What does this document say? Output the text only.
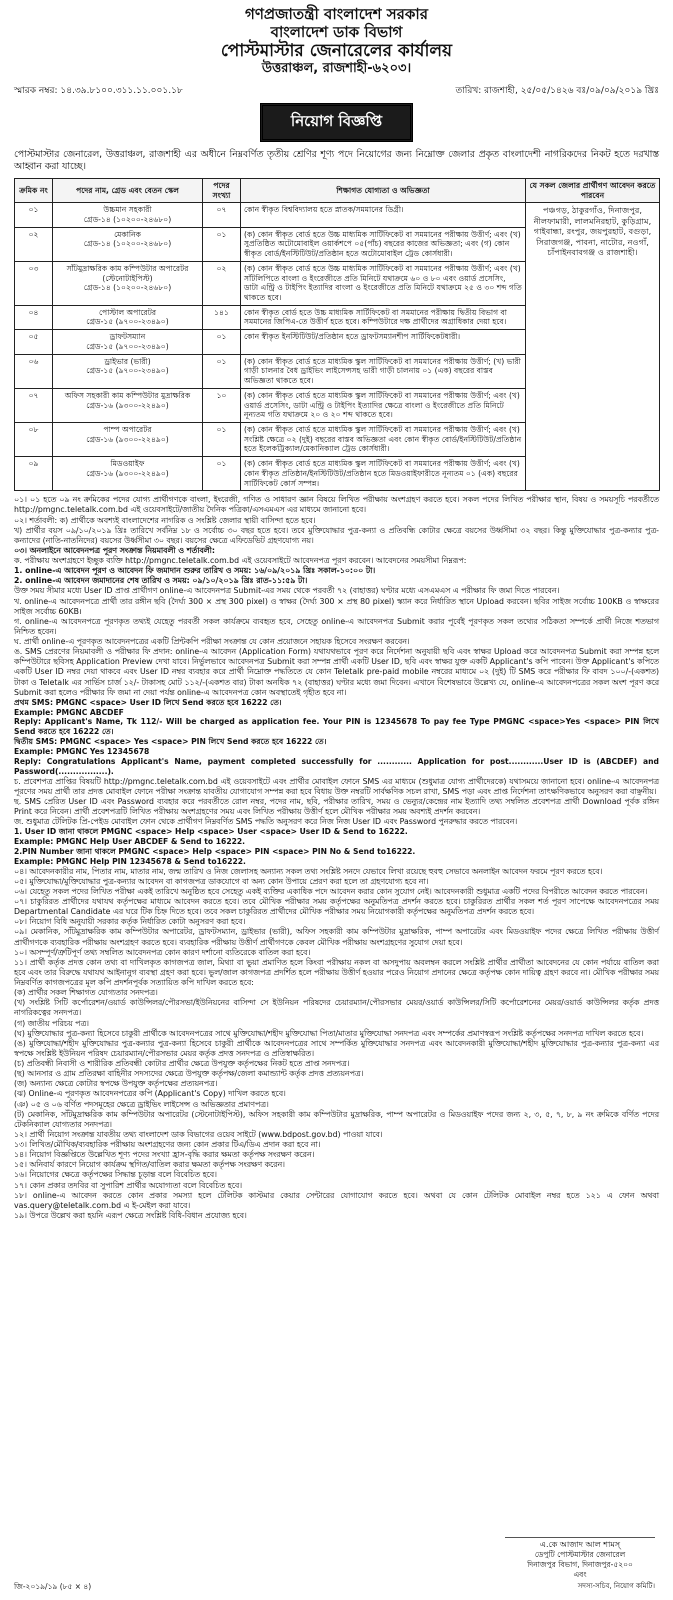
গণপ্রজাতন্ত্রী বাংলাদেশ সরকার
বাংলাদেশ ডাক বিভাগ
পোস্টমাস্টার জেনারেলের কার্যালয়
উত্তরাঞ্চল, রাজশাহী-৬২০৩।
স্মারক নম্বর: ১৪.৩৯.৮১০০.৩১১.১১.০০১.১৮	তারিখ: রাজশাহী, ২৫/০৫/১৪২৬ বঃ/০৯/০৯/২০১৯ খ্রিঃ
নিয়োগ বিজ্ঞপ্তি

পোস্টমাস্টার জেনারেল, উত্তরাঞ্চল, রাজশাহী এর অধীনে নিম্নবর্ণিত তৃতীয় শ্রেণির শূণ্য পদে নিয়োগের জন্য নিম্নোক্ত জেলার প্রকৃত বাংলাদেশী নাগরিকদের নিকট হতে দরখাস্ত আহ্বান করা যাচ্ছে।

ক্রমিক নং	পদের নাম, গ্রেড এবং বেতন স্কেল	পদের সংখ্যা	শিক্ষাগত যোগ্যতা ও অভিজ্ঞতা	যে সকল জেলার প্রার্থীগণ আবেদন করতে পারবেন
০১	উচ্চমান সহকারী
গ্রেড-১৪ (১০২০০-২৪৬৮০)	০৭	কোন স্বীকৃত বিশ্ববিদ্যালয় হতে স্নাতক/সমমানের ডিগ্রী।	পঞ্চগড়, ঠাকুরগাঁও, দিনাজপুর, নীলফামারী, লালমনিরহাট, কুড়িগ্রাম, গাইবান্ধা, রংপুর, জয়পুরহাট, বগুড়া, সিরাজগঞ্জ, পাবনা, নাটোর, নওগাঁ, চাঁপাইনবাবগঞ্জ ও রাজশাহী।
০২	মেকানিক
গ্রেড-১৪ (১০২০০-২৪৬৮০)	০১	(ক) কোন স্বীকৃত বোর্ড হতে উচ্চ মাধ্যমিক সার্টিফিকেট বা সমমানের পরীক্ষায় উত্তীর্ণ; এবং (খ) সুপ্রতিষ্ঠিত অটোমোবাইল ওয়ার্কশপে ০৫(পাঁচ) বছরের কাজের অভিজ্ঞতা; এবং (গ) কোন স্বীকৃত বোর্ড/ইনস্টিটিউট/প্রতিষ্ঠান হতে অটোমোবাইল ট্রেড কোর্সধারী।	
০৩	সাঁটমুদ্রাক্ষরিক কাম কম্পিউটার অপারেটর (স্টেনোটাইপিস্ট)
গ্রেড-১৪ (১০২০০-২৪৬৮০)	০২	(ক) কোন স্বীকৃত বোর্ড হতে উচ্চ মাধ্যমিক সার্টিফিকেট বা সমমানের পরীক্ষায় উত্তীর্ণ; এবং (খ) সাঁটলিপিতে বাংলা ও ইংরেজীতে প্রতি মিনিটে যথাক্রমে ৬০ ও ৮০ এবং ওয়ার্ড প্রসেসিং, ডাটা এন্ট্রি ও টাইপিং ইত্যাদির বাংলা ও ইংরেজীতে প্রতি মিনিটে যথাক্রমে ২৫ ও ৩০ শব্দ গতি থাকতে হবে।	
০৪	পোস্টাল অপারেটর
গ্রেড-১৫ (৯৭০০-২৩৪৯০)	১৪১	কোন স্বীকৃত বোর্ড হতে উচ্চ মাধ্যমিক সার্টিফিকেট বা সমমানের পরীক্ষায় দ্বিতীয় বিভাগ বা সমমানের জিপিএ-তে উত্তীর্ণ হতে হবে। কম্পিউটারে দক্ষ প্রার্থীদের অগ্রাধিকার দেয়া হবে।	
০৫	ড্রাফটসম্যান
গ্রেড-১৫ (৯৭০০-২৩৪৯০)	০১	কোন স্বীকৃত ইনস্টিটিউট/প্রতিষ্ঠান হতে ড্রাফটসম্যানশীপ সার্টিফিকেটধারী।	
০৬	ড্রাইভার (ভারী)
গ্রেড-১৫ (৯৭০০-২৩৪৯০)	০১	(ক) কোন স্বীকৃত বোর্ড হতে মাধ্যমিক স্কুল সার্টিফিকেট বা সমমানের পরীক্ষায় উত্তীর্ণ; (খ) ভারী গাড়ী চালনার বৈধ ড্রাইভিং লাইসেন্সসহ ভারী গাড়ী চালনায় ০১ (এক) বছরের বাস্তব অভিজ্ঞতা থাকতে হবে।	
০৭	অফিস সহকারী কাম কম্পিউটার মুদ্রাক্ষরিক
গ্রেড-১৬ (৯৩০০-২২৪৯০)	১০	(ক) কোন স্বীকৃত বোর্ড হতে মাধ্যমিক স্কুল সার্টিফিকেট বা সমমানের পরীক্ষায় উত্তীর্ণ; এবং (খ) ওয়ার্ড প্রসেসিং, ডাটা এন্ট্রি ও টাইপিং ইত্যাদির ক্ষেত্রে বাংলা ও ইংরেজীতে প্রতি মিনিটে নূন্যতম গতি যথাক্রমে ২০ ও ২০ শব্দ থাকতে হবে।	
০৮	পাম্প অপারেটর
গ্রেড-১৬ (৯৩০০-২২৪৯০)	০১	(ক) কোন স্বীকৃত বোর্ড হতে মাধ্যমিক স্কুল সার্টিফিকেট বা সমমানের পরীক্ষায় উত্তীর্ণ; এবং (খ) সংশ্লিষ্ট ক্ষেত্রে ০২ (দুই) বছরের বাস্তব অভিজ্ঞতা এবং কোন স্বীকৃত বোর্ড/ইনস্টিটিউট/প্রতিষ্ঠান হতে ইলেকট্রিক্যাল/মেকানিক্যাল ট্রেড কোর্সধারী।	
০৯	মিডওয়াইফ
গ্রেড-১৬ (৯৩০০-২২৪৯০)	০১	(ক) কোন স্বীকৃত বোর্ড হতে মাধ্যমিক স্কুল সার্টিফিকেট বা সমমানের পরীক্ষায় উত্তীর্ণ; এবং (খ) কোন স্বীকৃত প্রতিষ্ঠান/ইনস্টিটিউট/প্রতিষ্ঠান হতে মিডওয়াইফারীতে নূন্যতম ০১ (এক) বছরের সার্টিফিকেট কোর্স সম্পন্ন।	

০১। ০১ হতে ০৯ নং ক্রমিকের পদের যোগ্য প্রার্থীগণকে বাংলা, ইংরেজী, গণিত ও সাধারণ জ্ঞান বিষয়ে লিখিত পরীক্ষায় অংশগ্রহণ করতে হবে। সকল পদের লিখিত পরীক্ষার স্থান, বিষয় ও সময়সূচি পরবর্তীতে http://pmgnc.teletalk.com.bd এই ওয়েবসাইটে/জাতীয় দৈনিক পত্রিকা/এসএমএস এর মাধ্যমে জানানো হবে।

০২। শর্তাবলী: ক) প্রার্থীকে অবশ্যই বাংলাদেশের নাগরিক ও সংশ্লিষ্ট জেলার স্থায়ী বাসিন্দা হতে হবে।

খ) প্রার্থীর বয়স ০৯/১০/২০১৯ খ্রিঃ তারিখে সর্বনিম্ন ১৮ ও সর্বোচ্চ ৩০ বছর হতে হবে। তবে মুক্তিযোদ্ধার পুত্র-কন্যা ও প্রতিবন্ধি কোটার ক্ষেত্রে বয়সের উর্ধ্বসীমা ৩২ বছর। কিন্তু মুক্তিযোদ্ধার পুত্র-কন্যার পুত্র-কন্যাদের (নাতি-নাতনিদের) বয়সের উর্ধ্বসীমা ৩০ বছর। বয়সের ক্ষেত্রে এফিডেভিট গ্রহণযোগ্য নয়।

০৩। অনলাইনে আবেদনপত্র পূরণ সংক্রান্ত নিয়মাবলী ও শর্তাবলী:

ক. পরীক্ষায় অংশগ্রহণে ইচ্ছুক ব্যক্তি http://pmgnc.teletalk.com.bd এই ওয়েবসাইটে আবেদনপত্র পূরণ করবেন। আবেদনের সময়সীমা নিম্নরূপ:

1. online-এ আবেদন পূরণ ও আবেদন ফি জমাদান শুরুর তারিখ ও সময়: ১৬/০৯/২০১৯ খ্রিঃ সকাল-১০:০০ টা।

2. online-এ আবেদন জমাদানের শেষ তারিখ ও সময়: ০৯/১০/২০১৯ খ্রিঃ রাত-১১:৫৯ টা।

উক্ত সময় সীমার মধ্যে User ID প্রাপ্ত প্রার্থীগণ online-এ আবেদনপত্র Submit-এর সময় থেকে পরবর্তী ৭২ (বাহাত্তর) ঘণ্টার মধ্যে এসএমএস এ পরীক্ষার ফি জমা দিতে পারবেন।

খ. online-এ আবেদনপত্রে প্রার্থী তার রঙ্গীন ছবি (দৈর্ঘ্য 300 × প্রস্থ 300 pixel) ও স্বাক্ষর (দৈর্ঘ্য 300 × প্রস্থ 80 pixel) স্ক্যান করে নির্ধারিত স্থানে Upload করবেন। ছবির সাইজ সর্বোচ্চ 100KB ও স্বাক্ষরের সাইজ সর্বোচ্চ 60KB।

গ. online-এ আবেদনপত্রে পূরণকৃত তথ্যই যেহেতু পরবর্তী সকল কার্যক্রমে ব্যবহৃত হবে, সেহেতু online-এ আবেদনপত্র Submit করার পূর্বেই পূরণকৃত সকল তথ্যের সঠিকতা সম্পর্কে প্রার্থী নিজে শতভাগ নিশ্চিত হবেন।

ঘ. প্রার্থী online-এ পূরণকৃত আবেদনপত্রের একটি প্রিন্টকপি পরীক্ষা সংক্রান্ত যে কোন প্রয়োজনে সহায়ক হিসেবে সংরক্ষণ করবেন।

ঙ. SMS প্রেরণের নিয়মাবলী ও পরীক্ষার ফি প্রদান: online-এ আবেদন (Application Form) যথাযথভাবে পূরণ করে নির্দেশনা অনুযায়ী ছবি এবং স্বাক্ষর Upload করে আবেদনপত্র Submit করা সম্পন্ন হলে কম্পিউটারে ছবিসহ Application Preview দেখা যাবে। নির্ভুলভাবে আবেদনপত্র Submit করা সম্পন্ন প্রার্থী একটি User ID, ছবি এবং স্বাক্ষর যুক্ত একটি Applicant's কপি পাবেন। উক্ত Applicant's কপিতে একটি User ID নম্বর দেয়া থাকবে এবং User ID নম্বর ব্যবহার করে প্রার্থী নিম্নোক্ত পদ্ধতিতে যে কোন Teletalk pre-paid mobile নম্বরের মাধ্যমে ০২ (দুই) টি SMS করে পরীক্ষার ফি বাবদ ১০০/-(একশত) টাকা ও Teletalk এর সার্ভিস চার্জ ১২/- টাকাসহ মোট ১১২/-(একশত বার) টাকা অনধিক ৭২ (বাহাত্তর) ঘণ্টার মধ্যে জমা দিবেন। এখানে বিশেষভাবে উল্লেখ্য যে, online-এ আবেদনপত্রের সকল অংশ পূরণ করে Submit করা হলেও পরীক্ষার ফি জমা না দেয়া পর্যন্ত online-এ আবেদনপত্র কোন অবস্থাতেই গৃহীত হবে না।

প্রথম SMS: PMGNC <space> User ID লিখে Send করতে হবে 16222 তে।

Example: PMGNC ABCDEF

Reply: Applicant's Name, Tk 112/- Will be charged as application fee. Your PIN is 12345678 To pay fee Type PMGNC <space>Yes <space> PIN লিখে Send করতে হবে 16222 তে।

দ্বিতীয় SMS: PMGNC <space> Yes <space> PIN লিখে Send করতে হবে 16222 তে।

Example: PMGNC Yes 12345678

Reply: Congratulations Applicant's Name, payment completed successfully for ............ Application for post............User ID is (ABCDEF) and Password(.................).

চ. প্রবেশপত্র প্রাপ্তির বিষয়টি http://pmgnc.teletalk.com.bd এই ওয়েবসাইটে এবং প্রার্থীর মোবাইল ফোনে SMS এর মাধ্যমে (শুধুমাত্র যোগ্য প্রার্থীদেরকে) যথাসময়ে জানানো হবে। online-এ আবেদনপত্র পূরণের সময় প্রার্থী তার প্রদত্ত মোবাইল ফোনে পরীক্ষা সংক্রান্ত যাবতীয় যোগাযোগ সম্পন্ন করা হবে বিধায় উক্ত নম্বরটি সার্বক্ষণিক সচল রাখা, SMS পড়া এবং প্রাপ্ত নির্দেশনা তাৎক্ষণিকভাবে অনুসরণ করা বাঞ্ছনীয়।

ছ. SMS প্রেরিত User ID এবং Password ব্যবহার করে পরবর্তীতে রোল নম্বর, পদের নাম, ছবি, পরীক্ষার তারিখ, সময় ও ভেন্যুর/কেন্দ্রের নাম ইত্যাদি তথ্য সম্বলিত প্রবেশপত্র প্রার্থী Download পূর্বক রঙ্গিন Print করে নিবেন। প্রার্থী প্রবেশপত্রটি লিখিত পরীক্ষায় অংশগ্রহণের সময় এবং লিখিত পরীক্ষায় উত্তীর্ণ হলে মৌখিক পরীক্ষার সময় অবশ্যই প্রদর্শন করবেন।

জ. শুধুমাত্র টেলিটক প্রি-পেইড মোবাইল ফোন থেকে প্রার্থীগণ নিম্নবর্ণিত SMS পদ্ধতি অনুসরণ করে নিজ নিজ User ID এবং Password পুনরুদ্ধার করতে পারবেন।

1. User ID জানা থাকলে PMGNC <space> Help <space> User <space> User ID & Send to 16222.

Example: PMGNC Help User ABCDEF & Send to 16222.

2.PIN Number জানা থাকলে PMGNC <space> Help <space> PIN <space> PIN No & Send to16222.

Example: PMGNC Help PIN 12345678 & Send to16222.

০৪। আবেদনকারীর নাম, পিতার নাম, মাতার নাম, জন্ম তারিখ ও নিজ জেলাসহ অন্যান্য সকল তথ্য সংশ্লিষ্ট সনদে যেভাবে লিখা রয়েছে হুবহু সেভাবে অনলাইন আবেদন ফরমে পূরণ করতে হবে।

০৫। মুক্তিযোদ্ধা/মুক্তিযোদ্ধার পুত্র-কন্যার আবেদন বা কাগজপত্র ডাকযোগে বা অন্য কোন উপায়ে প্রেরণ করা হলে তা গ্রহণযোগ্য হবে না।

০৬। যেহেতু সকল পদের লিখিত পরীক্ষা একই তারিখে অনুষ্ঠিত হবে সেহেতু একই ব্যক্তির একাধিক পদে আবেদন করার কোন সুযোগ নেই। আবেদনকারী শুধুমাত্র একটি পদের বিপরীতে আবেদন করতে পারবেন।

০৭। চাকুরিরত প্রার্থীদের যথাযথ কর্তৃপক্ষের মাধ্যমে আবেদন করতে হবে। তবে মৌখিক পরীক্ষার সময় কর্তৃপক্ষের অনুমতিপত্র প্রদর্শন করতে হবে। চাকুরিরত প্রার্থীর সকল শর্ত পূরণ সাপেক্ষে আবেদনপত্রের সময় Departmental Candidate এর ঘরে টিক চিহ্ন দিতে হবে। তবে সকল চাকুরিরত প্রার্থীদের মৌখিক পরীক্ষার সময় নিয়োগকারী কর্তৃপক্ষের অনুমতিপত্র প্রদর্শন করতে হবে।

০৮। নিয়োগ বিধি অনুযায়ী সরকার কর্তৃক নির্ধারিত কোটা অনুসরণ করা হবে।

০৯। মেকানিক, সাঁটমুদ্রাক্ষরিক কাম কম্পিউটার অপারেটর, ড্রাফটসম্যান, ড্রাইভার (ভারী), অফিস সহকারী কাম কম্পিউটার মুদ্রাক্ষরিক, পাম্প অপারেটর এবং মিডওয়াইফ পদের ক্ষেত্রে লিখিত পরীক্ষায় উত্তীর্ণ প্রার্থীগণকে ব্যবহারিক পরীক্ষায় অংশগ্রহণ করতে হবে। ব্যবহারিক পরীক্ষায় উত্তীর্ণ প্রার্থীগণকে কেবল মৌখিক পরীক্ষায় অংশগ্রহণের সুযোগ দেয়া হবে।

১০। অসম্পূর্ণ/ত্রুটিপূর্ণ তথ্য সম্বলিত আবেদনপত্র কোন কারণ দর্শানো ব্যতিরেকে বাতিল করা হবে।

১১। প্রার্থী কর্তৃক প্রদত্ত কোন তথ্য বা দাখিলকৃত কাগজপত্র জাল, মিথ্যা বা ভুয়া প্রমাণিত হলে কিংবা পরীক্ষায় নকল বা অসদুপায় অবলম্বন করলে সংশ্লিষ্ট প্রার্থীর প্রার্থীতা আবেদনের যে কোন পর্যায়ে বাতিল করা হবে এবং তার বিরুদ্ধে যথাযথ আইনানুগ ব্যবস্থা গ্রহণ করা হবে। ভুল/জাল কাগজপত্র প্রদর্শিত হলে পরীক্ষায় উত্তীর্ণ হওয়ার পরেও নিয়োগ প্রদানের ক্ষেত্রে কর্তৃপক্ষ কোন দায়িত্ব গ্রহণ করবে না। মৌখিক পরীক্ষার সময় নিম্নবর্ণিত কাগজপত্রের মূল কপি প্রদর্শনপূর্বক সত্যায়িত কপি দাখিল করতে হবে:

(ক) প্রার্থীর সকল শিক্ষাগত যোগ্যতার সনদপত্র।

(খ) সংশ্লিষ্ট সিটি কর্পোরেশন/ওয়ার্ড কাউন্সিলর/পৌরসভা/ইউনিয়নের বাসিন্দা সে ইউনিয়ন পরিষদের চেয়ারম্যান/পৌরসভার মেয়র/ওয়ার্ড কাউন্সিলর/সিটি কর্পোরেশনের মেয়র/ওয়ার্ড কাউন্সিলর কর্তৃক প্রদত্ত নাগরিকত্বের সনদপত্র।

(গ) জাতীয় পরিচয় পত্র।

(ঘ) মুক্তিযোদ্ধার পুত্র-কন্যা হিসেবে চাকুরী প্রার্থীকে আবেদনপত্রের সাথে মুক্তিযোদ্ধা/শহীদ মুক্তিযোদ্ধা পিতা/মাতার মুক্তিযোদ্ধা সনদপত্র এবং সম্পর্কের প্রমাণস্বরূপ সংশ্লিষ্ট কর্তৃপক্ষের সনদপত্র দাখিল করতে হবে।

(ঙ) মুক্তিযোদ্ধা/শহীদ মুক্তিযোদ্ধার পুত্র-কন্যার পুত্র-কন্যা হিসেবে চাকুরী প্রার্থীকে আবেদনপত্রের সাথে সম্পর্কিত মুক্তিযোদ্ধার সনদপত্র এবং আবেদনকারী মুক্তিযোদ্ধা/শহীদ মুক্তিযোদ্ধার পুত্র-কন্যার পুত্র-কন্যা এর স্বপক্ষে সংশ্লিষ্ট ইউনিয়ন পরিষদ চেয়ারম্যান/পৌরসভার মেয়র কর্তৃক প্রদত্ত সনদপত্র ও প্রতিস্বাক্ষরিত।

(চ) প্রতিবন্ধী নিবাসী ও শারীরিক প্রতিবন্ধী কোটার প্রার্থীর ক্ষেত্রে উপযুক্ত কর্তৃপক্ষের নিকট হতে প্রাপ্ত সনদপত্র।

(ছ) আনসার ও গ্রাম প্রতিরক্ষা বাহিনীর সদস্যদের ক্ষেত্রে উপযুক্ত কর্তৃপক্ষ/জেলা কমান্ড্যান্ট কর্তৃক প্রদত্ত প্রত্যয়নপত্র।

(জ) অন্যান্য ক্ষেত্রে কোটার স্বপক্ষে উপযুক্ত কর্তৃপক্ষের প্রত্যয়নপত্র।

(ঝ) Online-এ পূরণকৃত আবেদনপত্রের কপি (Applicant's Copy) দাখিল করতে হবে।

(ঞ) ০৫ ও ০৬ বর্ণিত পদসমূহের ক্ষেত্রে ড্রাইভিং লাইসেন্স ও অভিজ্ঞতার প্রমাণপত্র।

(ট) মেকানিক, সাঁটমুদ্রাক্ষরিক কাম কম্পিউটার অপারেটর (স্টেনোটাইপিস্ট), অফিস সহকারী কাম কম্পিউটার মুদ্রাক্ষরিক, পাম্প অপারেটর ও মিডওয়াইফ পদের জন্য ২, ৩, ৫, ৭, ৮, ৯ নং ক্রমিকে বর্ণিত পদের টেকনিক্যাল যোগ্যতার সনদপত্র।

১২। প্রার্থী নিয়োগ সংক্রান্ত যাবতীয় তথ্য বাংলাদেশ ডাক বিভাগের ওয়েব সাইটে (www.bdpost.gov.bd) পাওয়া যাবে।

১৩। লিখিত/মৌখিক/ব্যবহারিক পরীক্ষায় অংশগ্রহণের জন্য কোন প্রকার টিএ/ডিএ প্রদান করা হবে না।

১৪। নিয়োগ বিজ্ঞপ্তিতে উল্লেখিত শূণ্য পদের সংখ্যা হ্রাস-বৃদ্ধি করার ক্ষমতা কর্তৃপক্ষ সংরক্ষণ করেন।

১৫। অনিবার্য কারণে নিয়োগ কার্যক্রম স্থগিত/বাতিল করার ক্ষমতা কর্তৃপক্ষ সংরক্ষণ করেন।

১৬। নিয়োগের ক্ষেত্রে কর্তৃপক্ষের সিদ্ধান্ত চূড়ান্ত বলে বিবেচিত হবে।

১৭। কোন প্রকার তদবির বা সুপারিশ প্রার্থীর অযোগ্যতা বলে বিবেচিত হবে।

১৮। online-এ আবেদন করতে কোন প্রকার সমস্যা হলে টেলিটক কাস্টমার কেয়ার সেন্টারের যোগাযোগ করতে হবে। অথবা যে কোন টেলিটক মোবাইল নম্বর হতে ১২১ এ ফোন অথবা vas.query@teletalk.com.bd এ ই-মেইল করা যাবে।

১৯। উপরে উল্লেখ করা হয়নি এরূপ ক্ষেত্রে সংশ্লিষ্ট বিধি-বিধান প্রযোজ্য হবে।

এ.কে আজাদ আল শামস্
ডেপুটি পোস্টমাস্টার জেনারেল
দিনাজপুর বিভাগ, দিনাজপুর-৫২০০
এবং
সদস্য-সচিব, নিয়োগ কমিটি।
জি-২০১৯/১৯ (৮৫ × ৪)
